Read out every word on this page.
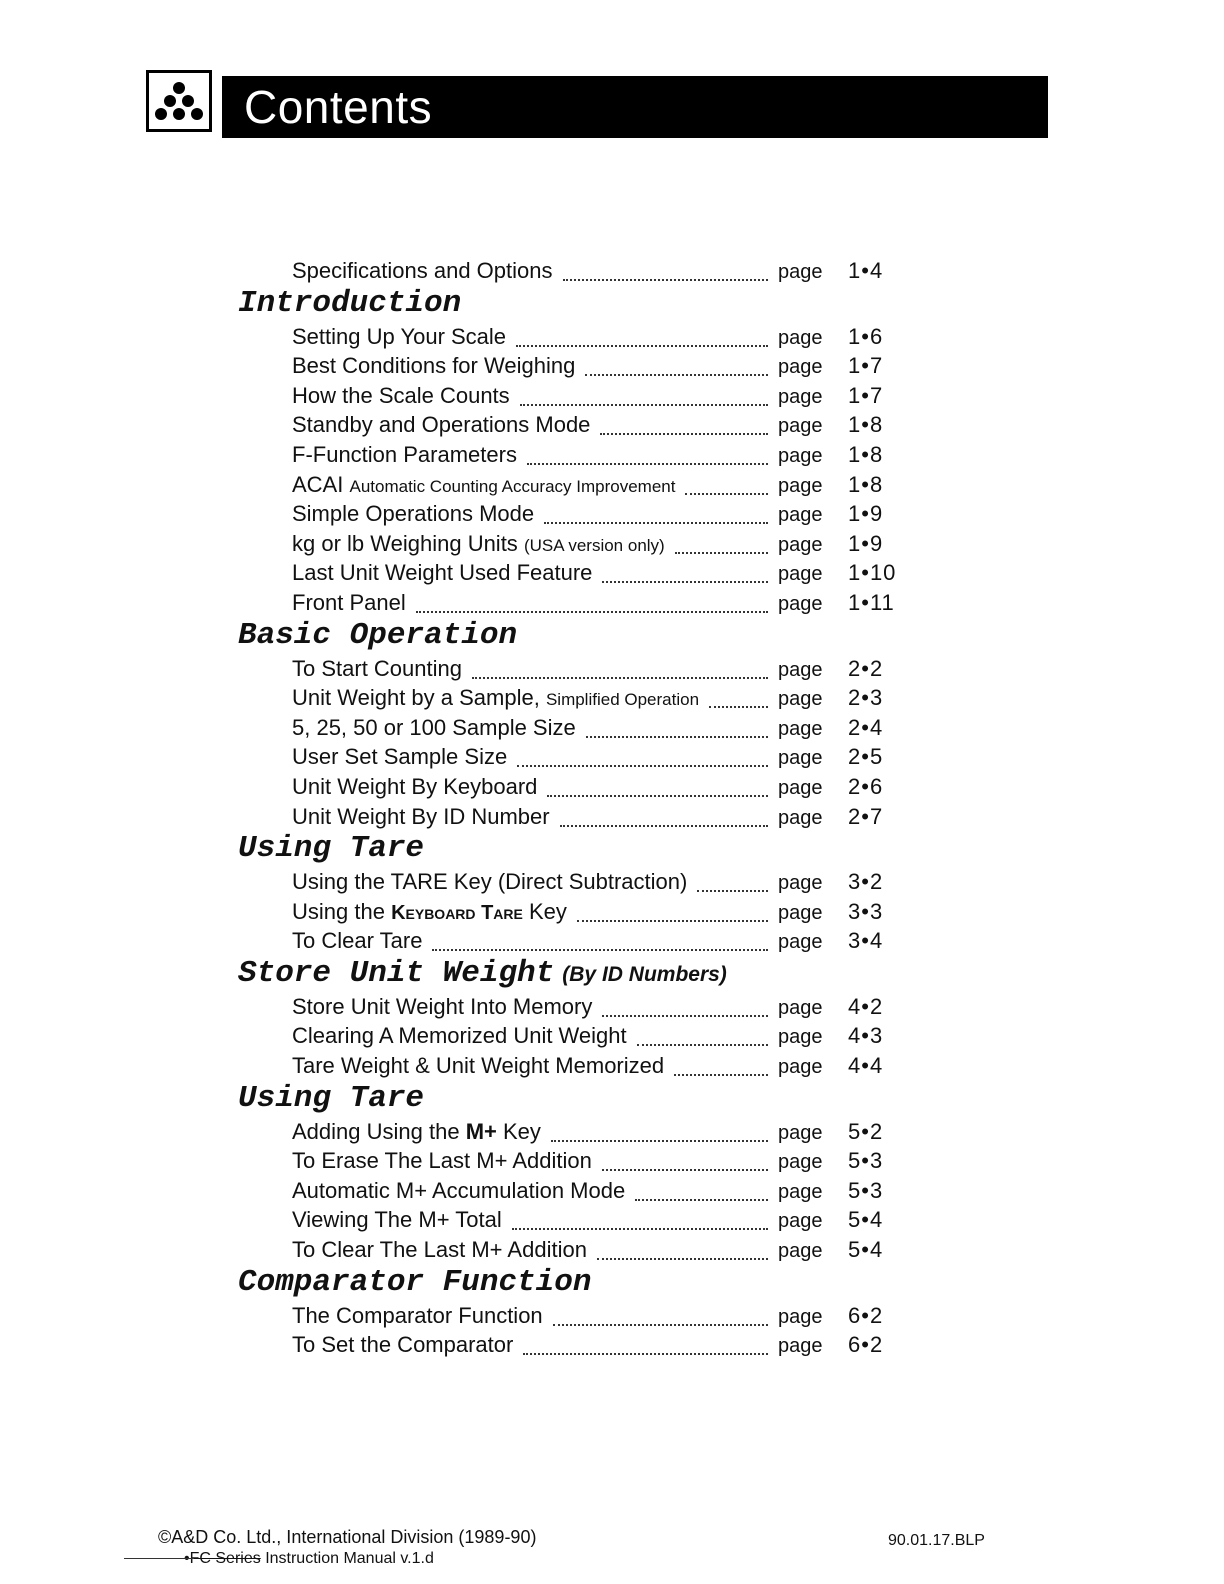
Contents
Specifications and Options	page 1•4
Introduction
Setting Up Your Scale	page 1•6
Best Conditions for Weighing	page 1•7
How the Scale Counts	page 1•7
Standby and Operations Mode	page 1•8
F-Function Parameters	page 1•8
ACAI Automatic Counting Accuracy Improvement	page 1•8
Simple Operations Mode	page 1•9
kg or lb Weighing Units (USA version only)	page 1•9
Last Unit Weight Used Feature	page 1•10
Front Panel	page 1•11
Basic Operation
To Start Counting	page 2•2
Unit Weight by a Sample, Simplified Operation	page 2•3
5, 25, 50 or 100 Sample Size	page 2•4
User Set Sample Size	page 2•5
Unit Weight By Keyboard	page 2•6
Unit Weight By ID Number	page 2•7
Using Tare
Using the TARE Key (Direct Subtraction)	page 3•2
Using the Keyboard Tare Key	page 3•3
To Clear Tare	page 3•4
Store Unit Weight (By ID Numbers)
Store Unit Weight Into Memory	page 4•2
Clearing A Memorized Unit Weight	page 4•3
Tare Weight & Unit Weight Memorized	page 4•4
Using Tare
Adding Using the M+ Key	page 5•2
To Erase The Last M+ Addition	page 5•3
Automatic M+ Accumulation Mode	page 5•3
Viewing The M+ Total	page 5•4
To Clear The Last M+ Addition	page 5•4
Comparator Function
The Comparator Function	page 6•2
To Set the Comparator	page 6•2
©A&D Co. Ltd., International Division (1989-90)
•FC Series Instruction Manual v.1.d
90.01.17.BLP
